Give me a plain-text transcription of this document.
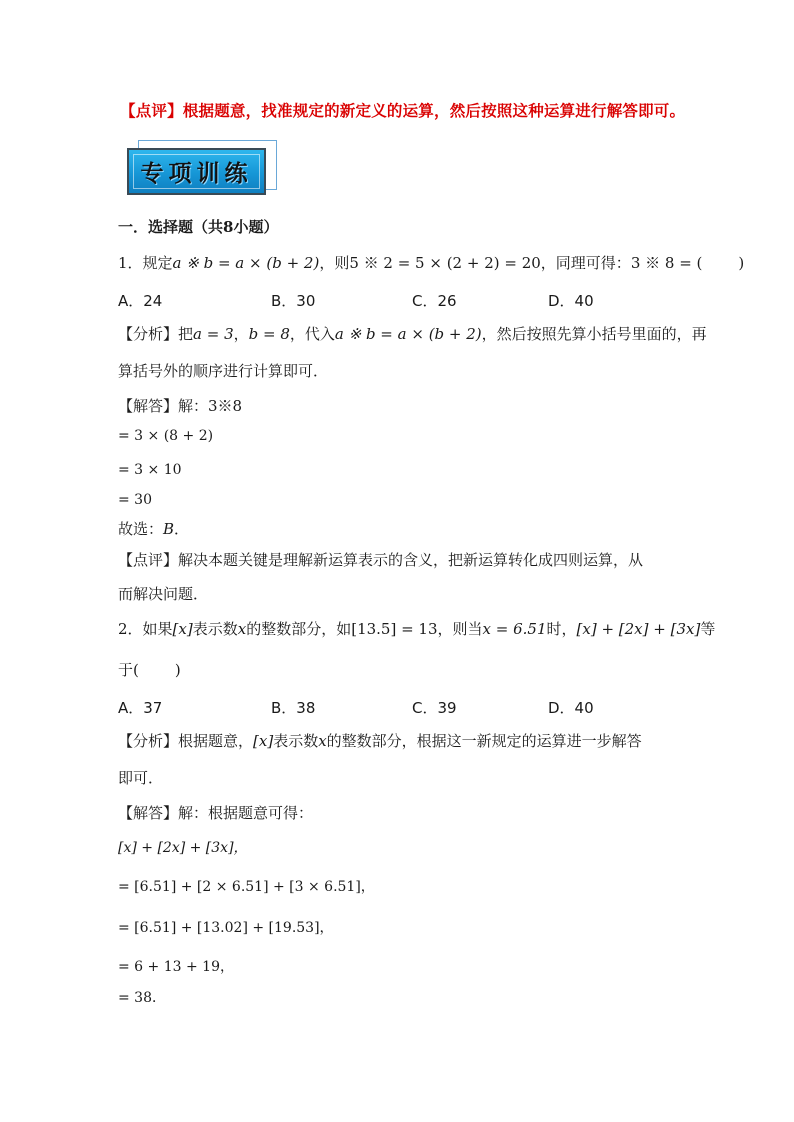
【点评】根据题意，找准规定的新定义的运算，然后按照这种运算进行解答即可。
专项训练
一．选择题（共8小题）
1．规定a ※ b = a × (b + 2)，则5 ※ 2 = 5 × (2 + 2) = 20，同理可得：3 ※ 8 = ( )
A．24	B．30	C．26	D．40
【分析】把a = 3，b = 8，代入a ※ b = a × (b + 2)，然后按照先算小括号里面的，再
算括号外的顺序进行计算即可．
【解答】解：3※8
= 3 × (8 + 2)
= 3 × 10
= 30
故选：B．
【点评】解决本题关键是理解新运算表示的含义，把新运算转化成四则运算，从
而解决问题．
2．如果[x]表示数x的整数部分，如[13.5] = 13，则当x = 6.51时，[x] + [2x] + [3x]等
于( )
A．37	B．38	C．39	D．40
【分析】根据题意，[x]表示数x的整数部分，根据这一新规定的运算进一步解答
即可．
【解答】解：根据题意可得：
[x] + [2x] + [3x]，
= [6.51] + [2 × 6.51] + [3 × 6.51]，
= [6.51] + [13.02] + [19.53]，
= 6 + 13 + 19，
= 38．
